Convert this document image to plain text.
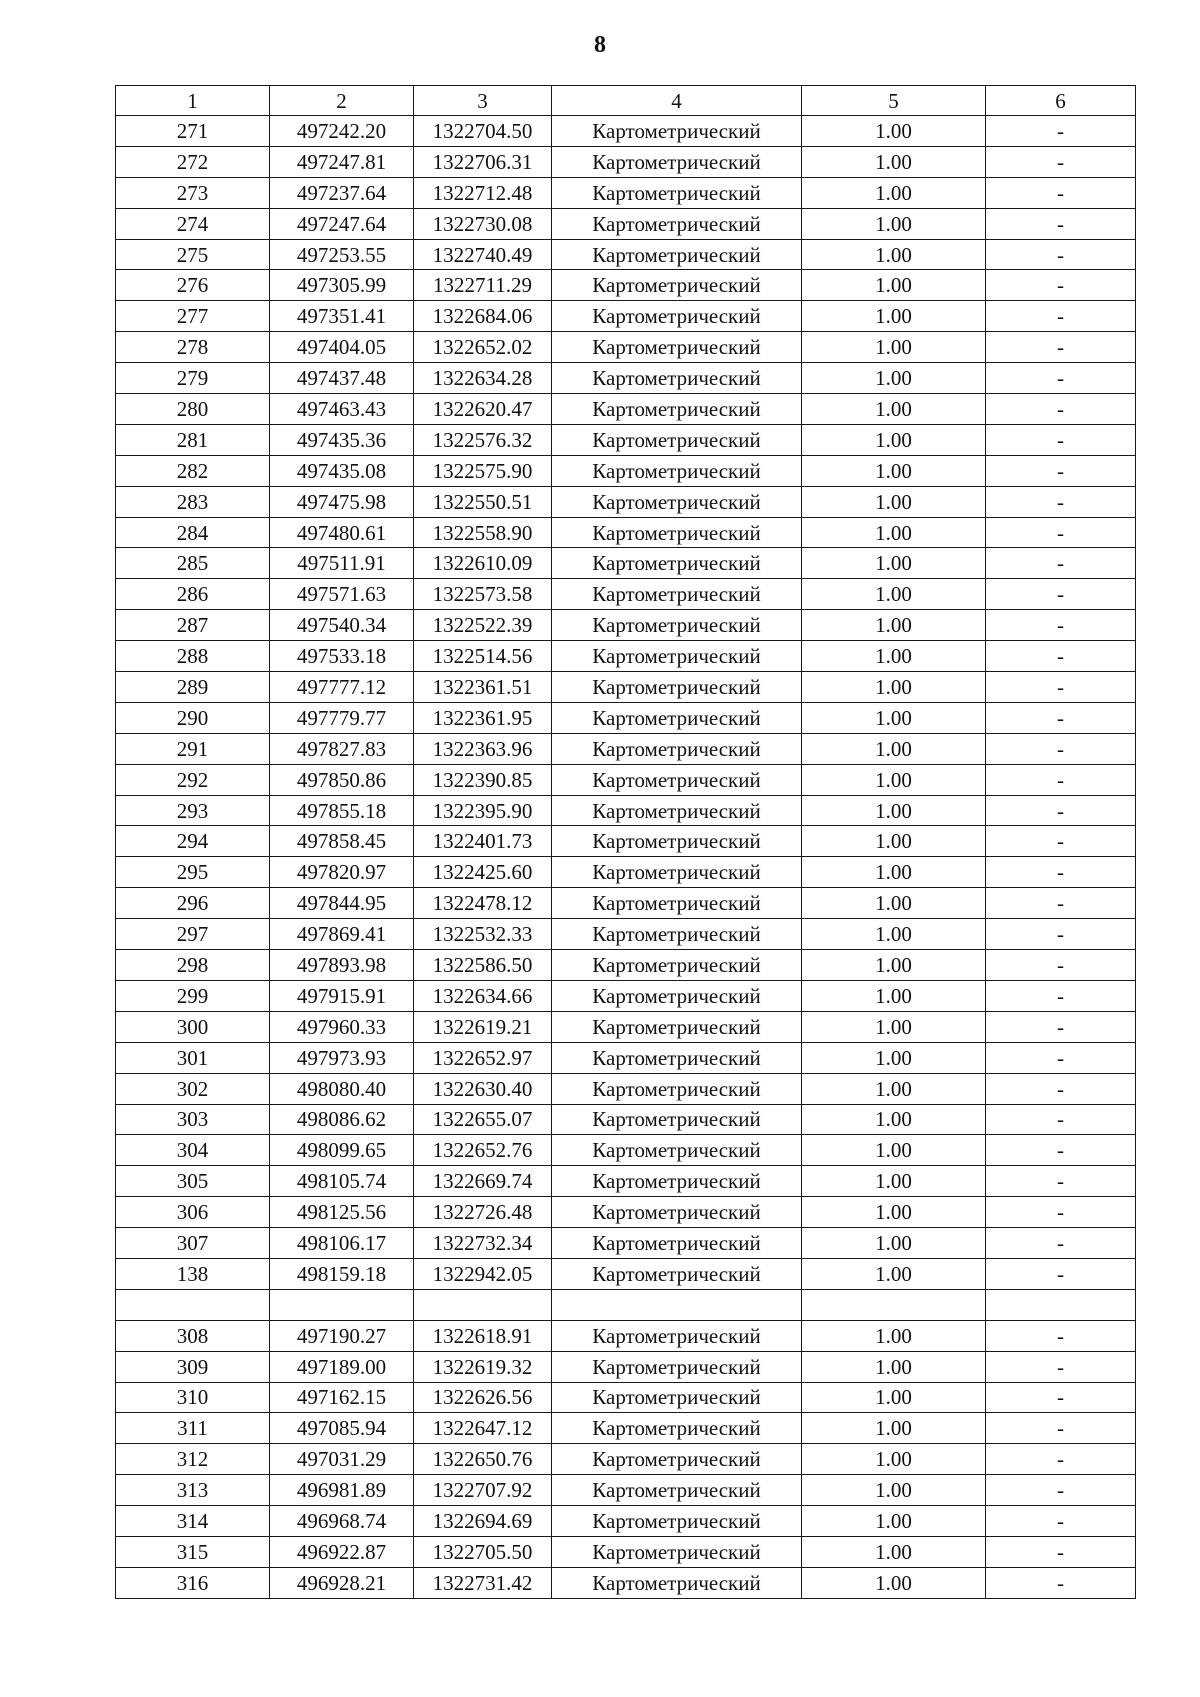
8
1	2	3	4	5	6
271	497242.20	1322704.50	Картометрический	1.00	-
272	497247.81	1322706.31	Картометрический	1.00	-
273	497237.64	1322712.48	Картометрический	1.00	-
274	497247.64	1322730.08	Картометрический	1.00	-
275	497253.55	1322740.49	Картометрический	1.00	-
276	497305.99	1322711.29	Картометрический	1.00	-
277	497351.41	1322684.06	Картометрический	1.00	-
278	497404.05	1322652.02	Картометрический	1.00	-
279	497437.48	1322634.28	Картометрический	1.00	-
280	497463.43	1322620.47	Картометрический	1.00	-
281	497435.36	1322576.32	Картометрический	1.00	-
282	497435.08	1322575.90	Картометрический	1.00	-
283	497475.98	1322550.51	Картометрический	1.00	-
284	497480.61	1322558.90	Картометрический	1.00	-
285	497511.91	1322610.09	Картометрический	1.00	-
286	497571.63	1322573.58	Картометрический	1.00	-
287	497540.34	1322522.39	Картометрический	1.00	-
288	497533.18	1322514.56	Картометрический	1.00	-
289	497777.12	1322361.51	Картометрический	1.00	-
290	497779.77	1322361.95	Картометрический	1.00	-
291	497827.83	1322363.96	Картометрический	1.00	-
292	497850.86	1322390.85	Картометрический	1.00	-
293	497855.18	1322395.90	Картометрический	1.00	-
294	497858.45	1322401.73	Картометрический	1.00	-
295	497820.97	1322425.60	Картометрический	1.00	-
296	497844.95	1322478.12	Картометрический	1.00	-
297	497869.41	1322532.33	Картометрический	1.00	-
298	497893.98	1322586.50	Картометрический	1.00	-
299	497915.91	1322634.66	Картометрический	1.00	-
300	497960.33	1322619.21	Картометрический	1.00	-
301	497973.93	1322652.97	Картометрический	1.00	-
302	498080.40	1322630.40	Картометрический	1.00	-
303	498086.62	1322655.07	Картометрический	1.00	-
304	498099.65	1322652.76	Картометрический	1.00	-
305	498105.74	1322669.74	Картометрический	1.00	-
306	498125.56	1322726.48	Картометрический	1.00	-
307	498106.17	1322732.34	Картометрический	1.00	-
138	498159.18	1322942.05	Картометрический	1.00	-

308	497190.27	1322618.91	Картометрический	1.00	-
309	497189.00	1322619.32	Картометрический	1.00	-
310	497162.15	1322626.56	Картометрический	1.00	-
311	497085.94	1322647.12	Картометрический	1.00	-
312	497031.29	1322650.76	Картометрический	1.00	-
313	496981.89	1322707.92	Картометрический	1.00	-
314	496968.74	1322694.69	Картометрический	1.00	-
315	496922.87	1322705.50	Картометрический	1.00	-
316	496928.21	1322731.42	Картометрический	1.00	-
